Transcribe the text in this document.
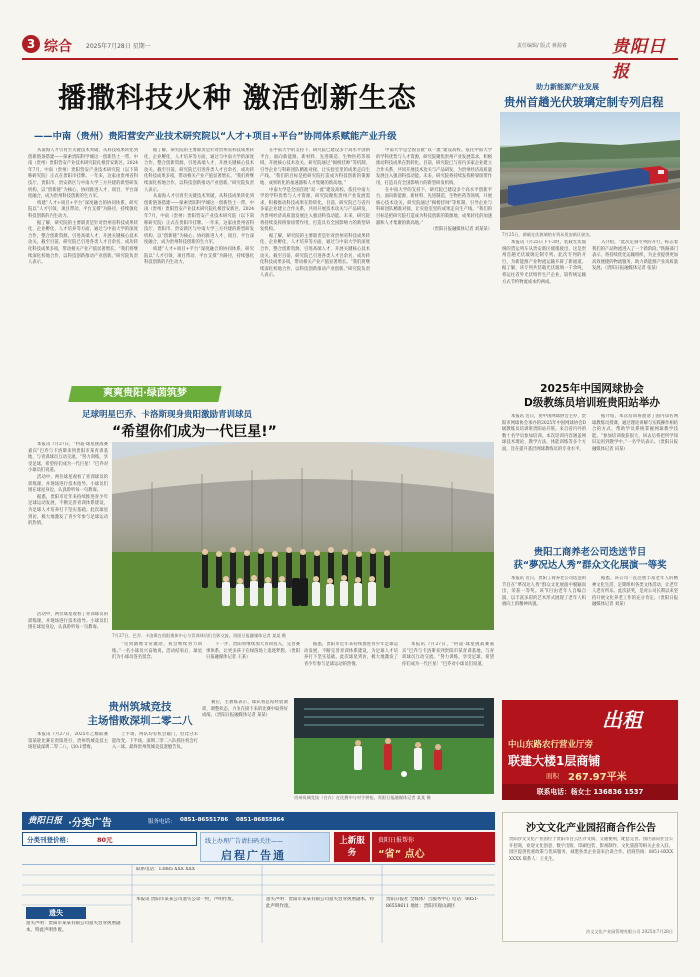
3 综合 2025年7月28日 星期一	责任编辑/ 版式 蒋源睿	贵阳日报
播撒科技火种 激活创新生态
——中南（贵州）贵阳营安产业技术研究院以“人才+项目+平台”协同体系赋能产业升级

从南海人才引育至关键技术突破，从科技成果转化到创新链条搭建——探索贵阳科学城这一创新热土一带，中南（贵州）贵阳营安产业技术研究院扎根营安新区。2024年7月，中南（贵州）贵阳营安产业技术研究院（以下简称研究院）正式在贵阳市挂牌。一年来，这家由贵州省科技厅、贵阳市、贵安新区与中南大学三方共建的新型研发机构，以“创新链”为核心，协同推进人才、项目、平台深度融合，成为贵州科技创新的生力军。

构建“人才+项目+平台”深度融合的协同体系，研究院以“人才引领、项目带动、平台支撑”为路径，持续强化科技创新的内生动力。

据了解，研究院的主要职责是针对贵州省科技成果转化、企业孵化、人才培养等方面，通过与中南大学的深度合作，整合创新资源，引进高端人才，开展关键核心技术攻关。截至目前，研究院已引进各类人才百余名，成功转化科技成果多项，带动相关产业产值显著增长。“我们将继续深化校地合作，以科技创新推动产业创新。”研究院负责人表示。

据了解，研究院的主要职责是针对贵州省科技成果转化、企业孵化、人才培养等方面，通过与中南大学的深度合作，整合创新资源，引进高端人才，开展关键核心技术攻关。截至目前，研究院已引进各类人才百余名，成功转化科技成果多项，带动相关产业产值显著增长。“我们将继续深化校地合作，以科技创新推动产业创新。”研究院负责人表示。

从南海人才引育至关键技术突破，从科技成果转化到创新链条搭建——探索贵阳科学城这一创新热土一带，中南（贵州）贵阳营安产业技术研究院扎根营安新区。2024年7月，中南（贵州）贵阳营安产业技术研究院（以下简称研究院）正式在贵阳市挂牌。一年来，这家由贵州省科技厅、贵阳市、贵安新区与中南大学三方共建的新型研发机构，以“创新链”为核心，协同推进人才、项目、平台深度融合，成为贵州科技创新的生力军。

构建“人才+项目+平台”深度融合的协同体系，研究院以“人才引领、项目带动、平台支撑”为路径，持续强化科技创新的内生动力。

在中南大学的支持下，研究院已建设多个高水平创新平台，面向新能源、新材料、先进制造、生物医药等领域，开展核心技术攻关。研究院通过“揭榜挂帅”等机制，引导企业与科研团队精准对接，让实验室里的成果走向生产线。“我们的目标是把研究院打造成为科技创新的策源地、成果转化的加速器和人才集聚的新高地。”

中南大学是全国首批“双一流”建设高校。依托中南大学的学科优势与人才资源，研究院聚焦贵州产业发展需求，积极推动科技成果在黔转化。目前，研究院已与省内多家企业建立合作关系，共同开展技术攻关与产品研发，为贵州经济高质量发展注入强劲科技动能。未来，研究院将持续发挥桥梁纽带作用，打造具有全国影响力的新型研发机构。

据了解，研究院的主要职责是针对贵州省科技成果转化、企业孵化、人才培养等方面，通过与中南大学的深度合作，整合创新资源，引进高端人才，开展关键核心技术攻关。截至目前，研究院已引进各类人才百余名，成功转化科技成果多项，带动相关产业产值显著增长。“我们将继续深化校地合作，以科技创新推动产业创新。”研究院负责人表示。

中南大学是全国首批“双一流”建设高校。依托中南大学的学科优势与人才资源，研究院聚焦贵州产业发展需求，积极推动科技成果在黔转化。目前，研究院已与省内多家企业建立合作关系，共同开展技术攻关与产品研发，为贵州经济高质量发展注入强劲科技动能。未来，研究院将持续发挥桥梁纽带作用，打造具有全国影响力的新型研发机构。

在中南大学的支持下，研究院已建设多个高水平创新平台，面向新能源、新材料、先进制造、生物医药等领域，开展核心技术攻关。研究院通过“揭榜挂帅”等机制，引导企业与科研团队精准对接，让实验室里的成果走向生产线。“我们的目标是把研究院打造成为科技创新的策源地、成果转化的加速器和人才集聚的新高地。”

（贵阳日报融媒体记者 刘某某）

助力新能源产业发展
贵州首趟光伏玻璃定制专列启程
7月25日，满载光伏玻璃的专列从贵安新区驶出。

本报讯 7月25日下午3时，装载光伏玻璃的货运列车从贵安新区缓缓驶出，这是贵州首趟光伏玻璃定制专列。此次专列的开行，为新能源产业物流运输开辟了新通道。据了解，该专列共装载光伏玻璃一千余吨，将运往省外光伏组件生产企业，较传统运输方式节约物流成本约两成。

入介绍，“此次定制专列的开行，标志着我们的产品物流进入了一个新阶段。”铁路部门表示，将持续优化运输组织，为企业提供更加高效便捷的物流服务，助力新能源产业高质量发展。（贵阳日报融媒体记者 张某）

爽爽贵阳·绿茵筑梦
足球明星巴乔、卡洛斯现身贵阳激励青训球员
“希望你们成为一代巨星!”

本报讯 7月27日，“村超·球星挑战赛嘉宾”巴乔与卡洛斯来到贵阳市某青训基地，与青训球员互动交流。“努力训练，享受足球，希望你们成为一代巨星！”巴乔对小球员们说道。

活动中，两位球星观看了青训球员的训练课，并现场进行技术指导。小球员们围在球星身边，认真聆听每一句教诲。

据悉，贵阳市近年来持续推进青少年足球运动发展，不断完善青训体系建设，为足球人才培养打下坚实基础。此次球星到访，极大地激发了青少年参与足球运动的热情。

7月27日，巴乔、卡洛斯在贵阳奥体中心与青训球员们合影交流。贵阳日报融媒体记者 某某 摄

活动中，两位球星观看了青训球员的训练课，并现场进行技术指导。小球员们围在球星身边，认真聆听每一句教诲。

“见到偶像非常激动，我会继续努力训练。”一名小球员兴奋地说。活动结束后，球星们为小球员签名留念。

下一步，贵阳将继续加大青训投入，完善赛事体系，让更多孩子在绿茵场上追逐梦想。（贵阳日报融媒体记者 王某）

据悉，贵阳市近年来持续推进青少年足球运动发展，不断完善青训体系建设，为足球人才培养打下坚实基础。此次球星到访，极大地激发了青少年参与足球运动的热情。

本报讯 7月27日，“村超·球星挑战赛嘉宾”巴乔与卡洛斯来到贵阳市某青训基地，与青训球员互动交流。“努力训练，享受足球，希望你们成为一代巨星！”巴乔对小球员们说道。

2025年中国网球协会
D级教练员培训班贵阳站举办

本报讯 近日，由中国网球协会主办、贵阳市网球协会承办的2025年中国网球协会D级教练员培训班贵阳站开班。来自省内外的数十名学员参加培训。本次培训内容涵盖网球技术理论、教学方法、体能训练等多个方面，旨在提升基层网球教练员的专业水平。

据介绍，本次培训班邀请了国内知名网球教练员授课，通过理论讲解与实践操作相结合的方式，帮助学员系统掌握网球教学技能。“参加培训收获很大，回去后将把所学知识运用到教学中。”一名学员表示。（贵阳日报融媒体记者 田某）

贵阳工商养老公司迭送节目
获“夢况达人秀”群众文化展演一等奖

本报讯 近日，贵阳工商养老公司选送的节目在“夢况达人秀”群众文化展演中脱颖而出，荣获一等奖。该节目由老年人自编自演，以丰富多彩的艺术形式展现了老年人积极向上的精神风貌。

据悉，该公司一直注重丰富老年人的精神文化生活，定期组织各类文体活动，让老年人老有所乐。此次获奖，是对公司长期以来坚持开展文化养老工作的充分肯定。（贵阳日报融媒体记者 刘某）

贵州筑城竞技
主场惜败深圳二零二八

本报讯 7月27日，2025年乙级联赛第某轮比赛在贵阳进行，贵州筑城竞技主场迎战深圳二零二八，以0:1惜败。

上半场，两队均有机会破门，但比分未能改变。下半场，深圳二零二八队抓住机会打入一球。最终贵州筑城竞技遗憾告负。

赛后，主教练表示，球队将总结经验教训，调整状态，力争在接下来的比赛中取得好成绩。（贵阳日报融媒体记者 某某）

贵州筑城竞技（白衣）在比赛中与对手拼抢。贵阳日报融媒体记者 某某 摄
出租
中山东路农行营业厅旁
联建大楼1层商铺
面积 267.97平米
联系电话：杨女士 136836 1537
贵阳日报 ·分类广告	服务电话： 0851-86551786 0851-86855864
分类刊登价格：	80元	线上办理广告请扫码关注——
启程广告通
上新服务
贵阳日报帮你
“省” 点心
遗失
遗失声明：贵阳市某某有限公司遗失营业执照副本，特此声明作废。
联系电话：13885 XXX XXX
本报讯 贵阳市某某公司遗失公章一枚，声明作废。	遗失声明：贵阳市某某有限公司遗失营业执照副本，特此声明作废。
贵阳日报社 全媒体广告服务中心 电话：0851-86558611 地址：贵阳市观山湖区
沙文文化产业园招商合作公告
贵阳沙文文化产业园位于贵阳市白云区沙文镇，交通便利，配套完善。园区面向社会公开招商，欢迎文化创意、数字出版、印刷包装、影视制作、文化旅游等相关企业入驻。园区提供优惠政策与优质服务，诚邀各类企业前来洽谈合作。招商热线：0851-8XXXXXXX 联系人：王先生。
沙文文化产业园管理有限公司 2025年7月28日
